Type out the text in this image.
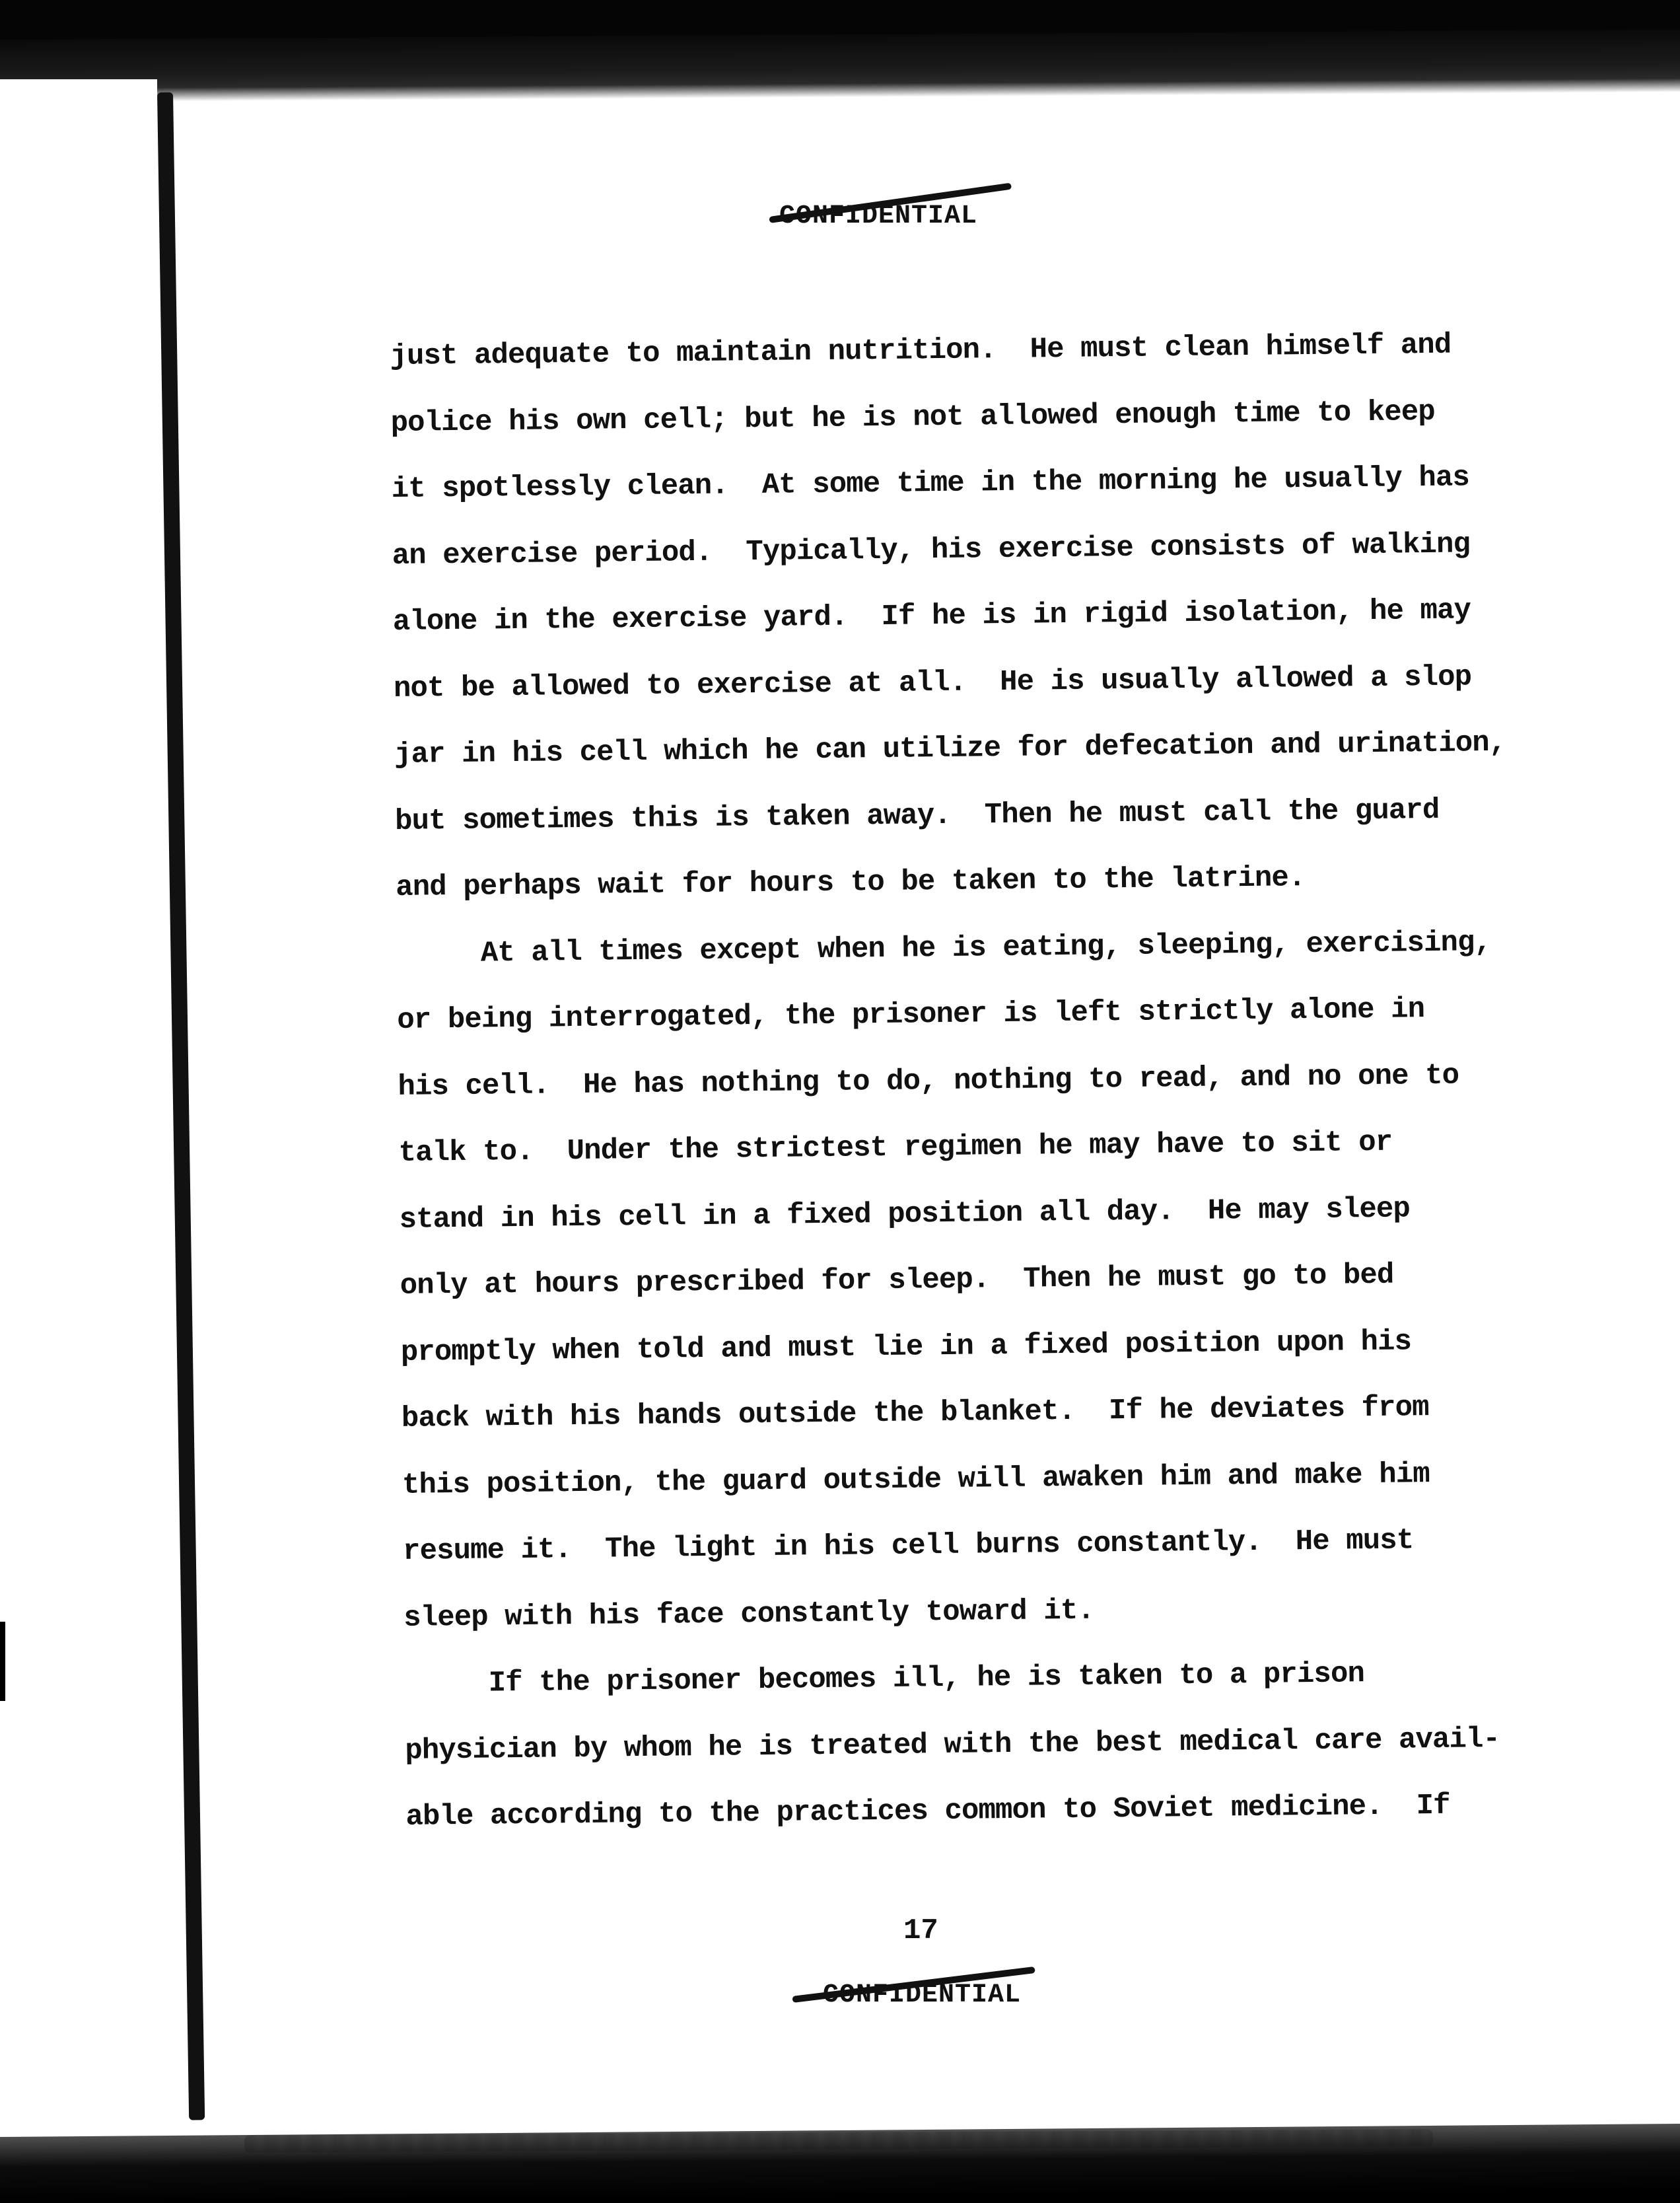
CONFIDENTIAL
just adequate to maintain nutrition.  He must clean himself and
police his own cell; but he is not allowed enough time to keep
it spotlessly clean.  At some time in the morning he usually has
an exercise period.  Typically, his exercise consists of walking
alone in the exercise yard.  If he is in rigid isolation, he may
not be allowed to exercise at all.  He is usually allowed a slop
jar in his cell which he can utilize for defecation and urination,
but sometimes this is taken away.  Then he must call the guard
and perhaps wait for hours to be taken to the latrine.
At all times except when he is eating, sleeping, exercising,
or being interrogated, the prisoner is left strictly alone in
his cell.  He has nothing to do, nothing to read, and no one to
talk to.  Under the strictest regimen he may have to sit or
stand in his cell in a fixed position all day.  He may sleep
only at hours prescribed for sleep.  Then he must go to bed
promptly when told and must lie in a fixed position upon his
back with his hands outside the blanket.  If he deviates from
this position, the guard outside will awaken him and make him
resume it.  The light in his cell burns constantly.  He must
sleep with his face constantly toward it.
If the prisoner becomes ill, he is taken to a prison
physician by whom he is treated with the best medical care avail-
able according to the practices common to Soviet medicine.  If
17
CONFIDENTIAL
